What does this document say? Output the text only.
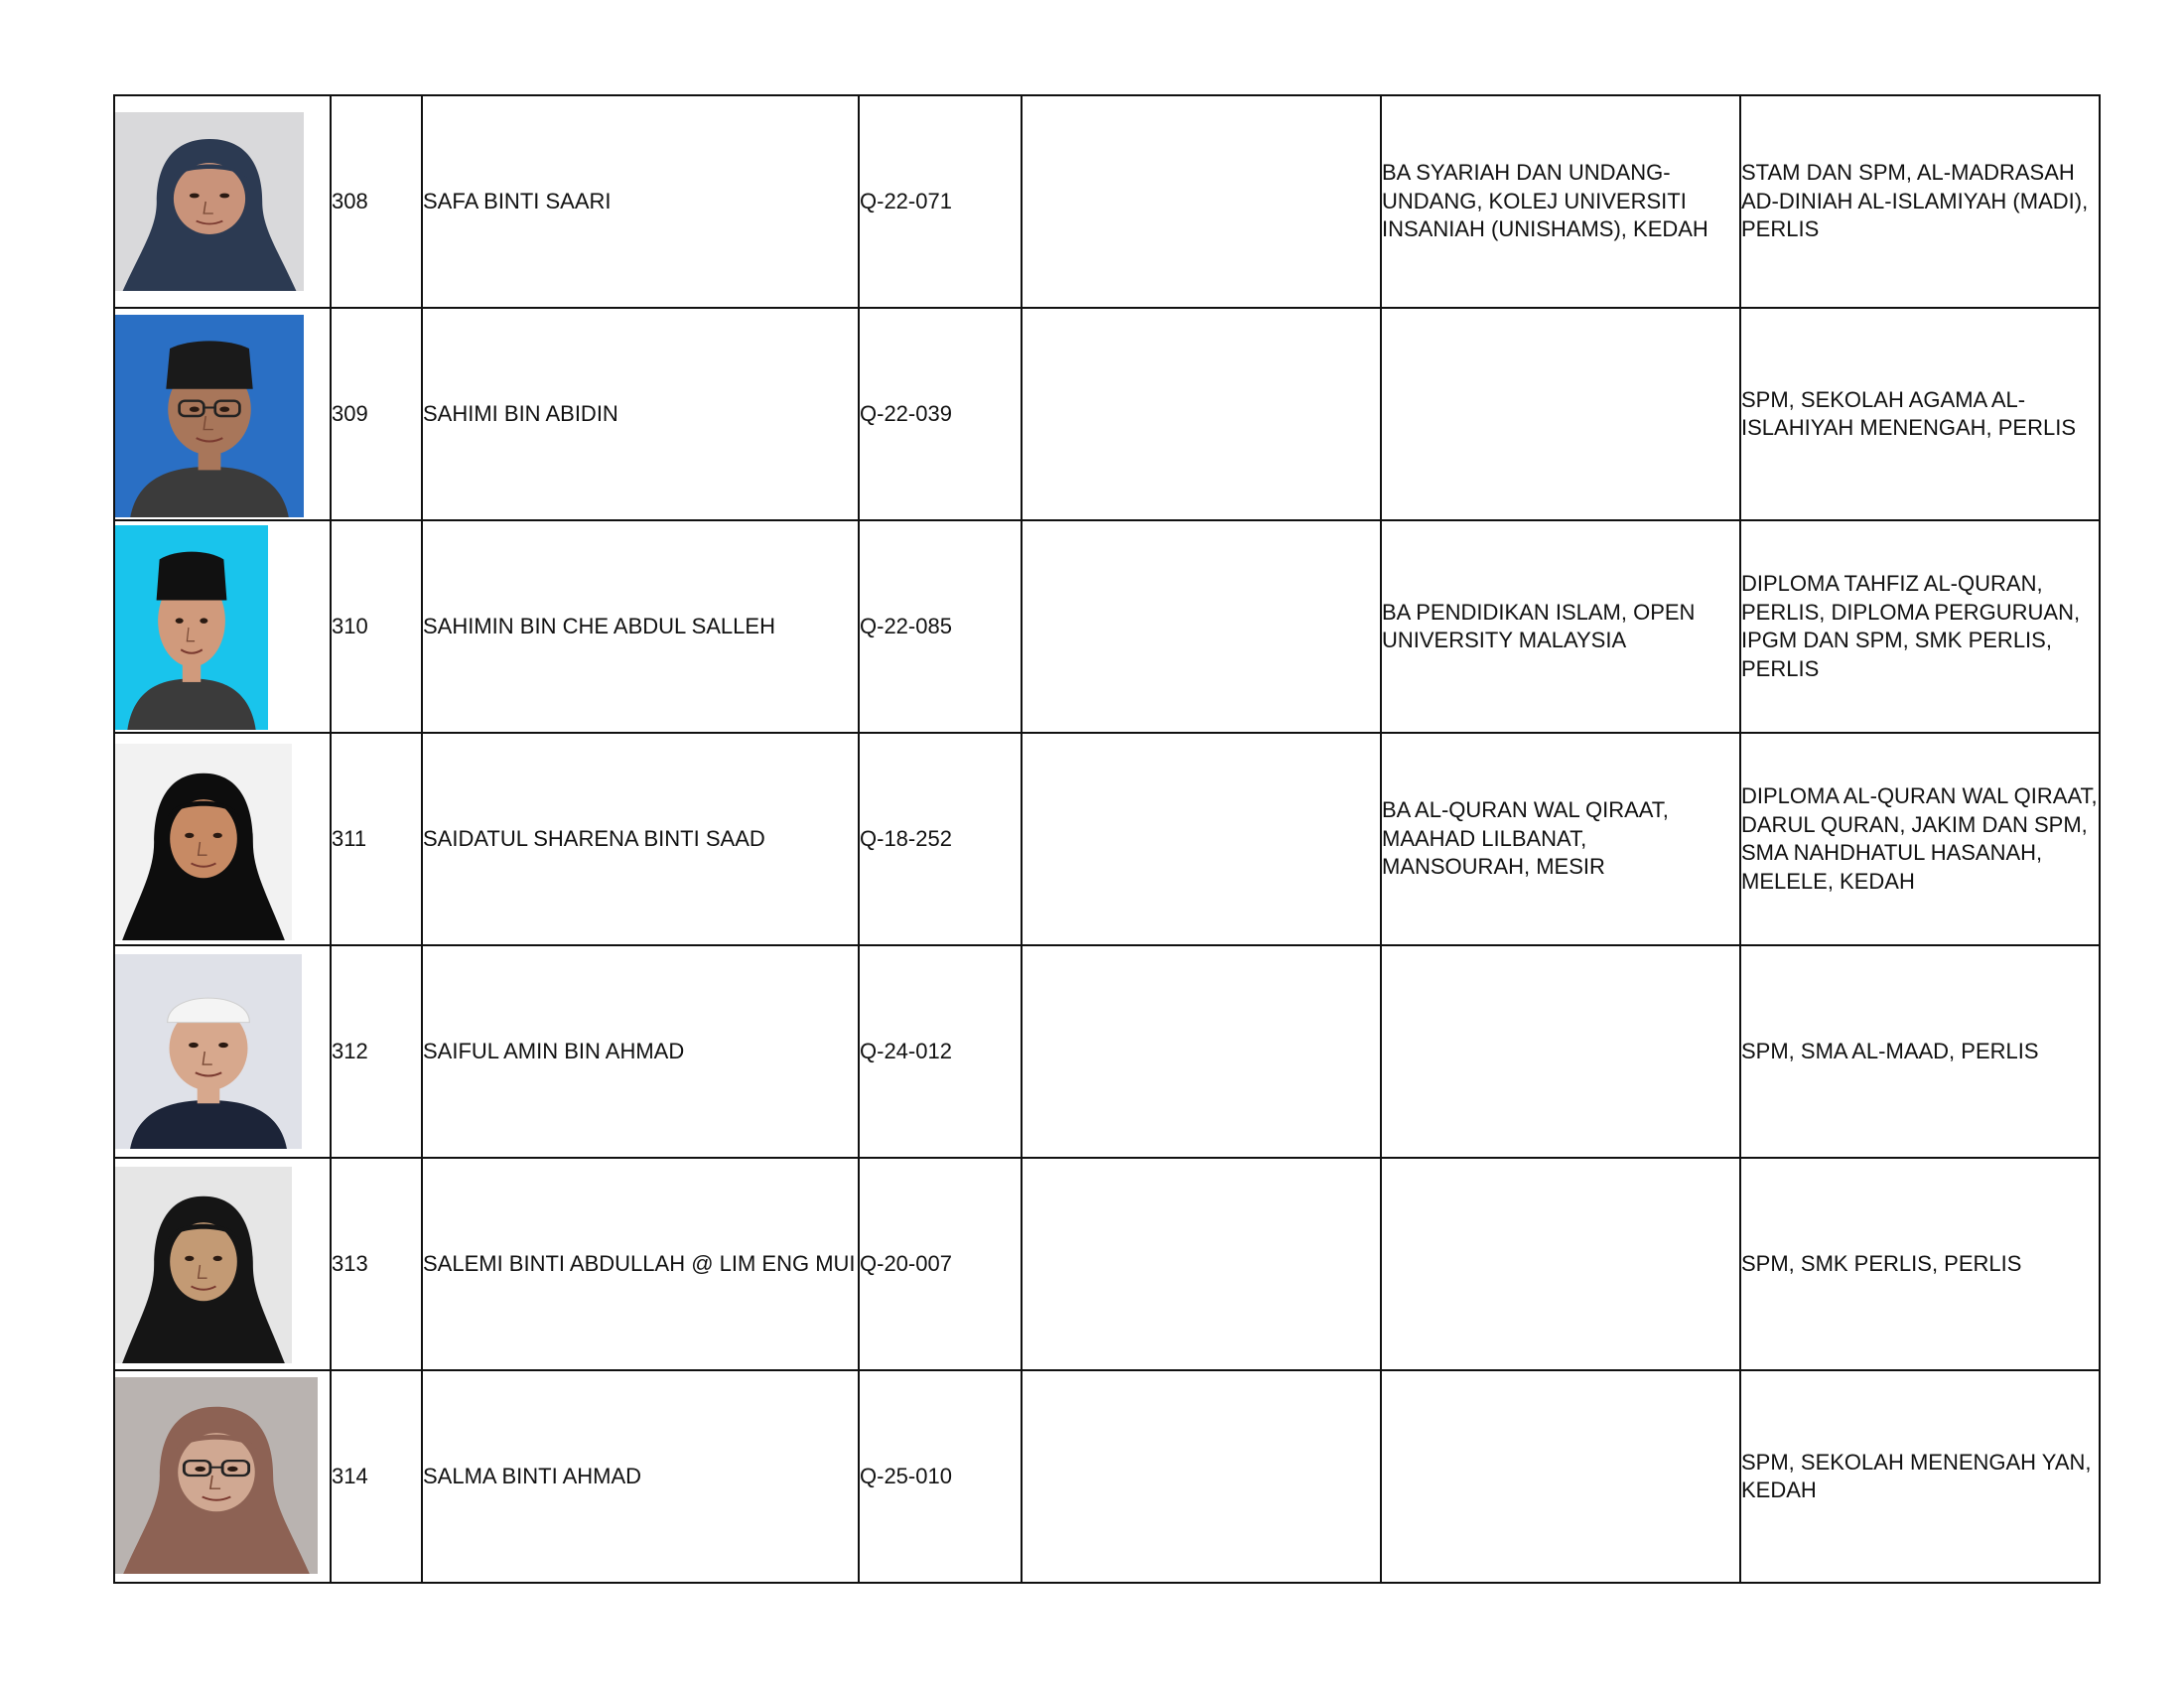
308	SAFA BINTI SAARI	Q-22-071		BA SYARIAH DAN UNDANG-UNDANG, KOLEJ UNIVERSITI INSANIAH (UNISHAMS), KEDAH	STAM DAN SPM, AL-MADRASAH AD-DINIAH AL-ISLAMIYAH (MADI), PERLIS

309	SAHIMI BIN ABIDIN	Q-22-039			SPM, SEKOLAH AGAMA AL-ISLAHIYAH MENENGAH, PERLIS

310	SAHIMIN BIN CHE ABDUL SALLEH	Q-22-085		BA PENDIDIKAN ISLAM, OPEN UNIVERSITY MALAYSIA	DIPLOMA TAHFIZ AL-QURAN, PERLIS, DIPLOMA PERGURUAN, IPGM DAN SPM, SMK PERLIS, PERLIS

311	SAIDATUL SHARENA BINTI SAAD	Q-18-252		BA AL-QURAN WAL QIRAAT, MAAHAD LILBANAT, MANSOURAH, MESIR	DIPLOMA AL-QURAN WAL QIRAAT, DARUL QURAN, JAKIM DAN SPM, SMA NAHDHATUL HASANAH, MELELE, KEDAH

312	SAIFUL AMIN BIN AHMAD	Q-24-012			SPM, SMA AL-MAAD, PERLIS

313	SALEMI BINTI ABDULLAH @ LIM ENG MUI	Q-20-007			SPM, SMK PERLIS, PERLIS

314	SALMA BINTI AHMAD	Q-25-010			SPM, SEKOLAH MENENGAH YAN, KEDAH
